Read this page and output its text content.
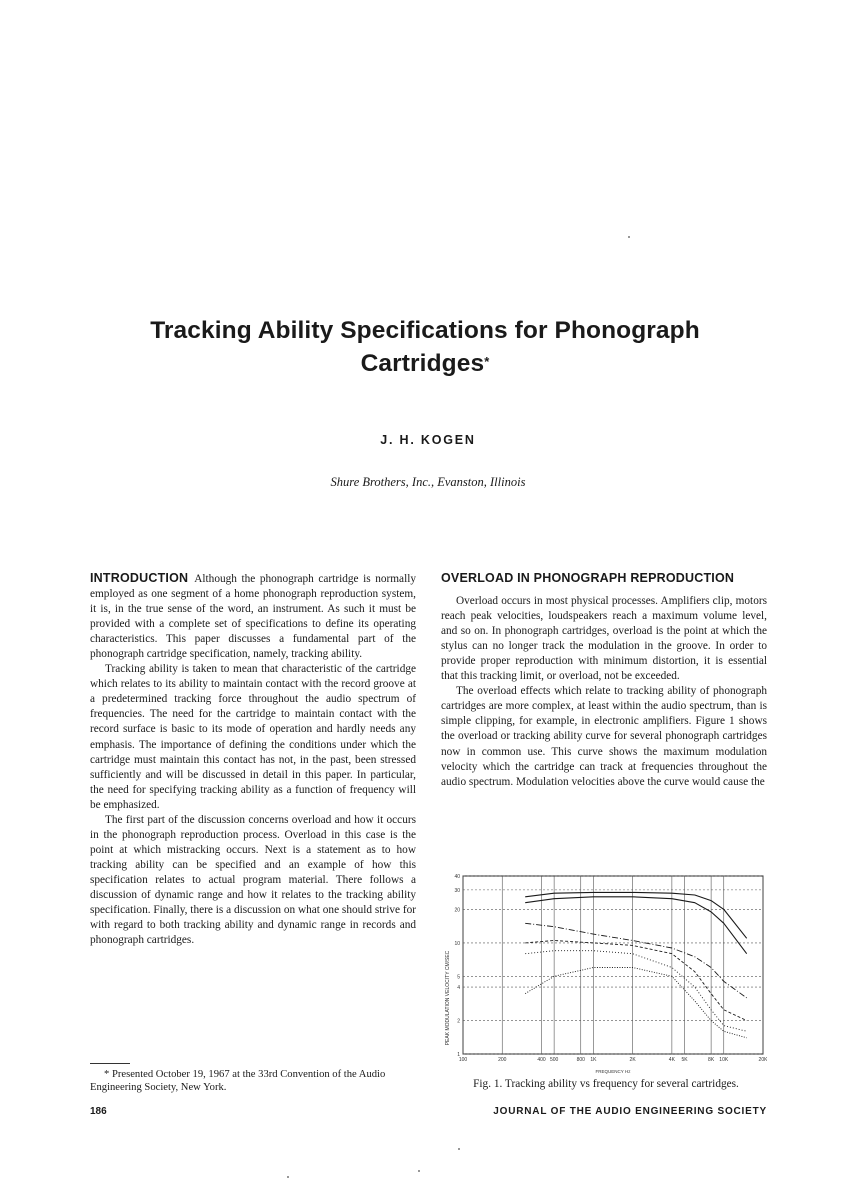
Tracking Ability Specifications for Phonograph Cartridges*
J. H. KOGEN
Shure Brothers, Inc., Evanston, Illinois

INTRODUCTION Although the phonograph cartridge is normally employed as one segment of a home phonograph reproduction system, it is, in the true sense of the word, an instrument. As such it must be provided with a complete set of specifications to define its operating characteristics. This paper discusses a fundamental part of the phonograph cartridge specification, namely, tracking ability.

Tracking ability is taken to mean that characteristic of the cartridge which relates to its ability to maintain contact with the record groove at a predetermined tracking force throughout the audio spectrum of frequencies. The need for the cartridge to maintain contact with the record surface is basic to its mode of operation and hardly needs any emphasis. The importance of defining the conditions under which the cartridge must maintain this contact has not, in the past, been stressed sufficiently and will be discussed in detail in this paper. In particular, the need for specifying tracking ability as a function of frequency will be emphasized.

The first part of the discussion concerns overload and how it occurs in the phonograph reproduction process. Overload in this case is the point at which mistracking occurs. Next is a statement as to how tracking ability can be specified and an example of how this specification relates to actual program material. There follows a discussion of dynamic range and how it relates to the tracking ability specification. Finally, there is a discussion on what one should strive for with regard to both tracking ability and dynamic range in records and phonograph cartridges.

* Presented October 19, 1967 at the 33rd Convention of the Audio Engineering Society, New York.

OVERLOAD IN PHONOGRAPH REPRODUCTION

Overload occurs in most physical processes. Amplifiers clip, motors reach peak velocities, loudspeakers reach a maximum volume level, and so on. In phonograph cartridges, overload is the point at which the stylus can no longer track the modulation in the groove. In order to provide proper reproduction with minimum distortion, it is essential that this tracking limit, or overload, not be exceeded.

The overload effects which relate to tracking ability of phonograph cartridges are more complex, at least within the audio spectrum, than is simple clipping, for example, in electronic amplifiers. Figure 1 shows the overload or tracking ability curve for several phonograph cartridges now in common use. This curve shows the maximum modulation velocity which the cartridge can track at frequencies throughout the audio spectrum. Modulation velocities above the curve would cause the

100	200	400 500	800 1K	2K	4K 5K	8K 10K	20K
40
30
20
10
5
4
2
1
PEAK MODULATION VELOCITY CM/SEC
FREQUENCY Hz
Fig. 1. Tracking ability vs frequency for several cartridges.
186	JOURNAL OF THE AUDIO ENGINEERING SOCIETY
